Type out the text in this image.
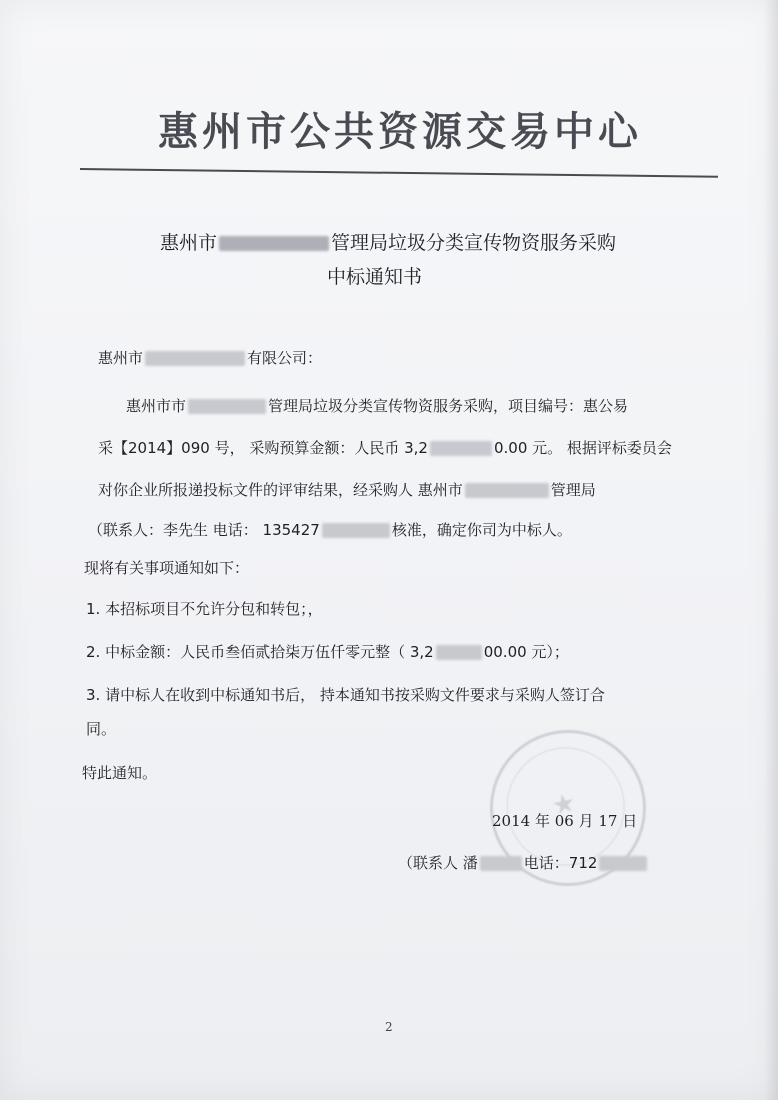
惠州市公共资源交易中心
惠州市	管理局垃圾分类宣传物资服务采购
中标通知书
惠州市	有限公司：
惠州市市	管理局垃圾分类宣传物资服务采购，项目编号：惠公易
采【2014】090 号， 采购预算金额：人民币 3,2	0.00 元。 根据评标委员会
对你企业所报递投标文件的评审结果，经采购人 惠州市	管理局
（联系人：李先生 电话： 135427	核准，确定你司为中标人。
现将有关事项通知如下：
1. 本招标项目不允许分包和转包；，
2. 中标金额：人民币叁佰贰拾柒万伍仟零元整（ 3,2	00.00 元）；
3. 请中标人在收到中标通知书后， 持本通知书按采购文件要求与采购人签订合
同。
特此通知。
★
2014 年 06 月 17 日
（联系人 潘	电话：712
2
